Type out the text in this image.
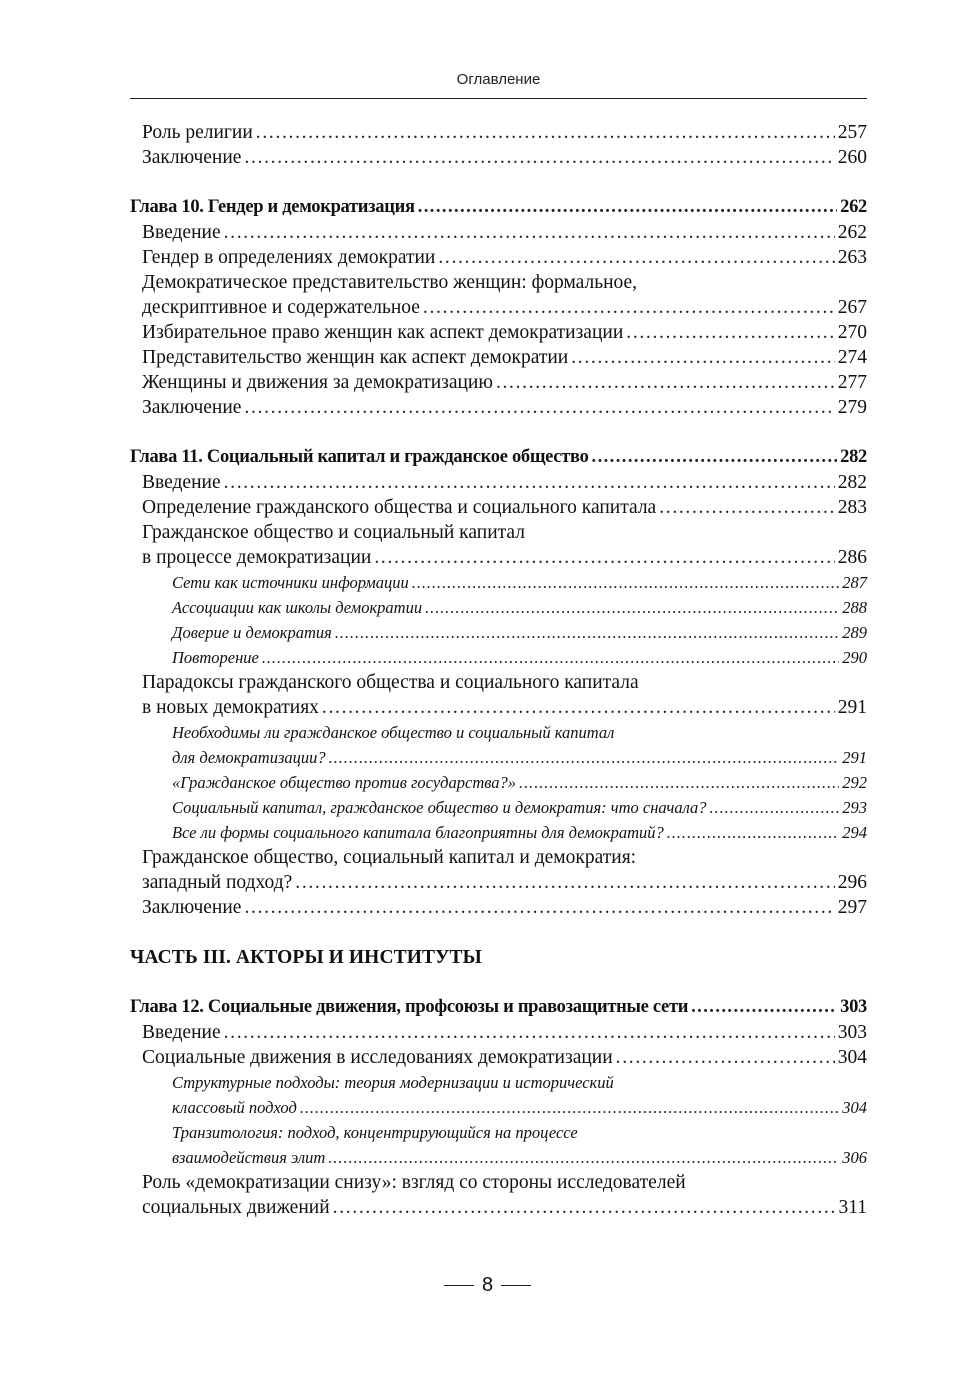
Оглавление
Роль религии . . .	257
Заключение . . .	260
Глава 10. Гендер и демократизация . . .	262
Введение . . .	262
Гендер в определениях демократии . . .	263
Демократическое представительство женщин: формальное,
дескриптивное и содержательное . . .	267
Избирательное право женщин как аспект демократизации . . .	270
Представительство женщин как аспект демократии . . .	274
Женщины и движения за демократизацию . . .	277
Заключение . . .	279
Глава 11. Социальный капитал и гражданское общество . . .	282
Введение . . .	282
Определение гражданского общества и социального капитала . . .	283
Гражданское общество и социальный капитал
в процессе демократизации . . .	286
Сети как источники информации . . .	287
Ассоциации как школы демократии . . .	288
Доверие и демократия . . .	289
Повторение . . .	290
Парадоксы гражданского общества и социального капитала
в новых демократиях . . .	291
Необходимы ли гражданское общество и социальный капитал
для демократизации? . . .	291
«Гражданское общество против государства?» . . .	292
Социальный капитал, гражданское общество и демократия: что сначала? . . .	293
Все ли формы социального капитала благоприятны для демократий? . . .	294
Гражданское общество, социальный капитал и демократия:
западный подход? . . .	296
Заключение . . .	297
ЧАСТЬ III. АКТОРЫ И ИНСТИТУТЫ
Глава 12. Социальные движения, профсоюзы и правозащитные сети . . .	303
Введение . . .	303
Социальные движения в исследованиях демократизации . . .	304
Структурные подходы: теория модернизации и исторический
классовый подход . . .	304
Транзитология: подход, концентрирующийся на процессе
взаимодействия элит . . .	306
Роль «демократизации снизу»: взгляд со стороны исследователей
социальных движений . . .	311
8
